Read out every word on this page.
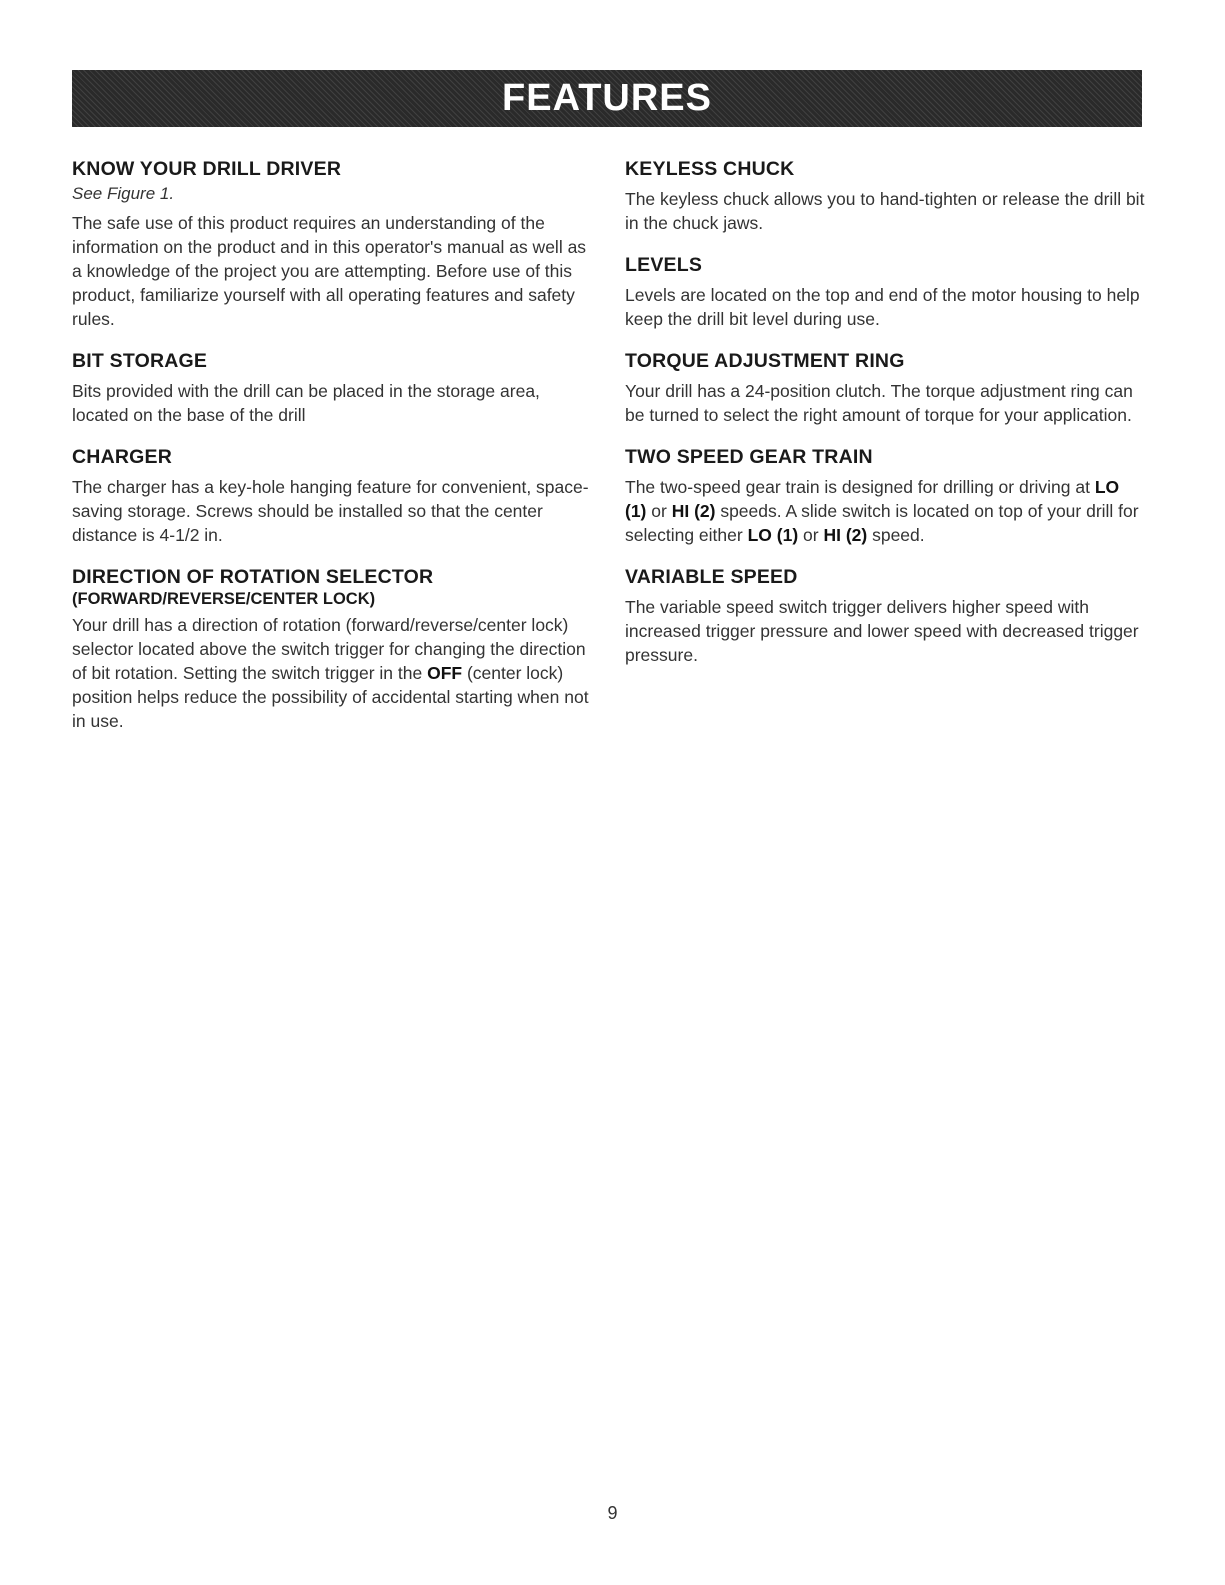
FEATURES
KNOW YOUR DRILL DRIVER
See Figure 1.

The safe use of this product requires an understanding of the information on the product and in this operator's manual as well as a knowledge of the project you are attempting. Before use of this product, familiarize yourself with all operating features and safety rules.

BIT STORAGE

Bits provided with the drill can be placed in the storage area, located on the base of the drill

CHARGER

The charger has a key-hole hanging feature for convenient, space-saving storage. Screws should be installed so that the center distance is 4-1/2 in.

DIRECTION OF ROTATION SELECTOR
(FORWARD/REVERSE/CENTER LOCK)

Your drill has a direction of rotation (forward/reverse/center lock) selector located above the switch trigger for changing the direction of bit rotation. Setting the switch trigger in the OFF (center lock) position helps reduce the possibility of accidental starting when not in use.

KEYLESS CHUCK

The keyless chuck allows you to hand-tighten or release the drill bit in the chuck jaws.

LEVELS

Levels are located on the top and end of the motor housing to help keep the drill bit level during use.

TORQUE ADJUSTMENT RING

Your drill has a 24-position clutch. The torque adjustment ring can be turned to select the right amount of torque for your application.

TWO SPEED GEAR TRAIN

The two-speed gear train is designed for drilling or driving at LO (1) or HI (2) speeds. A slide switch is located on top of your drill for selecting either LO (1) or HI (2) speed.

VARIABLE SPEED

The variable speed switch trigger delivers higher speed with increased trigger pressure and lower speed with decreased trigger pressure.

9
